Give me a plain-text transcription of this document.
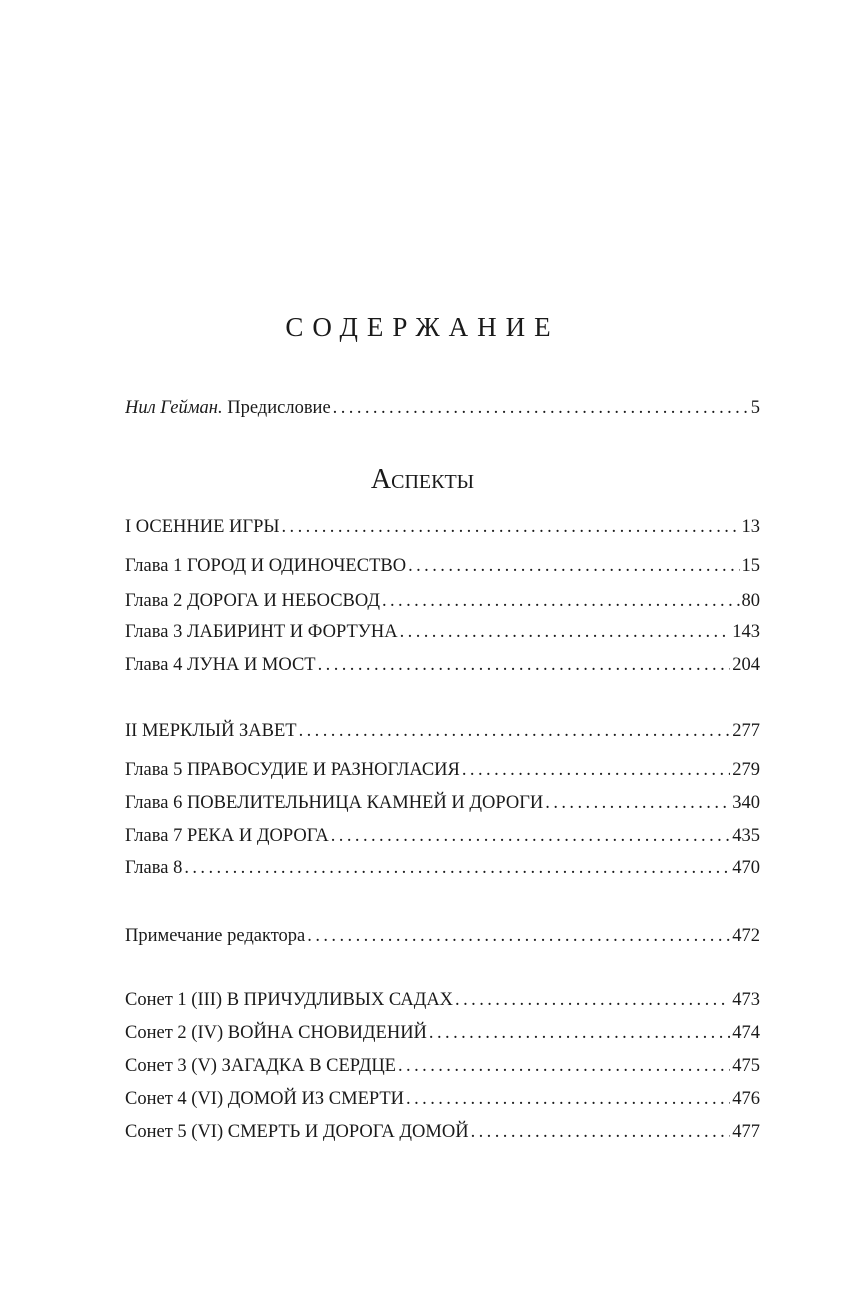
СОДЕРЖАНИЕ
Нил Гейман. Предисловие . . .	5
Аспекты
I ОСЕННИЕ ИГРЫ . . .	13
Глава 1 ГОРОД И ОДИНОЧЕСТВО . . .	15
Глава 2 ДОРОГА И НЕБОСВОД . . .	80
Глава 3 ЛАБИРИНТ И ФОРТУНА . . .	143
Глава 4 ЛУНА И МОСТ . . .	204
II МЕРКЛЫЙ ЗАВЕТ . . .	277
Глава 5 ПРАВОСУДИЕ И РАЗНОГЛАСИЯ . . .	279
Глава 6 ПОВЕЛИТЕЛЬНИЦА КАМНЕЙ И ДОРОГИ . . .	340
Глава 7 РЕКА И ДОРОГА . . .	435
Глава 8 . . .	470
Примечание редактора . . .	472
Сонет 1 (III) В ПРИЧУДЛИВЫХ САДАХ . . .	473
Сонет 2 (IV) ВОЙНА СНОВИДЕНИЙ . . .	474
Сонет 3 (V) ЗАГАДКА В СЕРДЦЕ . . .	475
Сонет 4 (VI) ДОМОЙ ИЗ СМЕРТИ . . .	476
Сонет 5 (VI) СМЕРТЬ И ДОРОГА ДОМОЙ . . .	477
